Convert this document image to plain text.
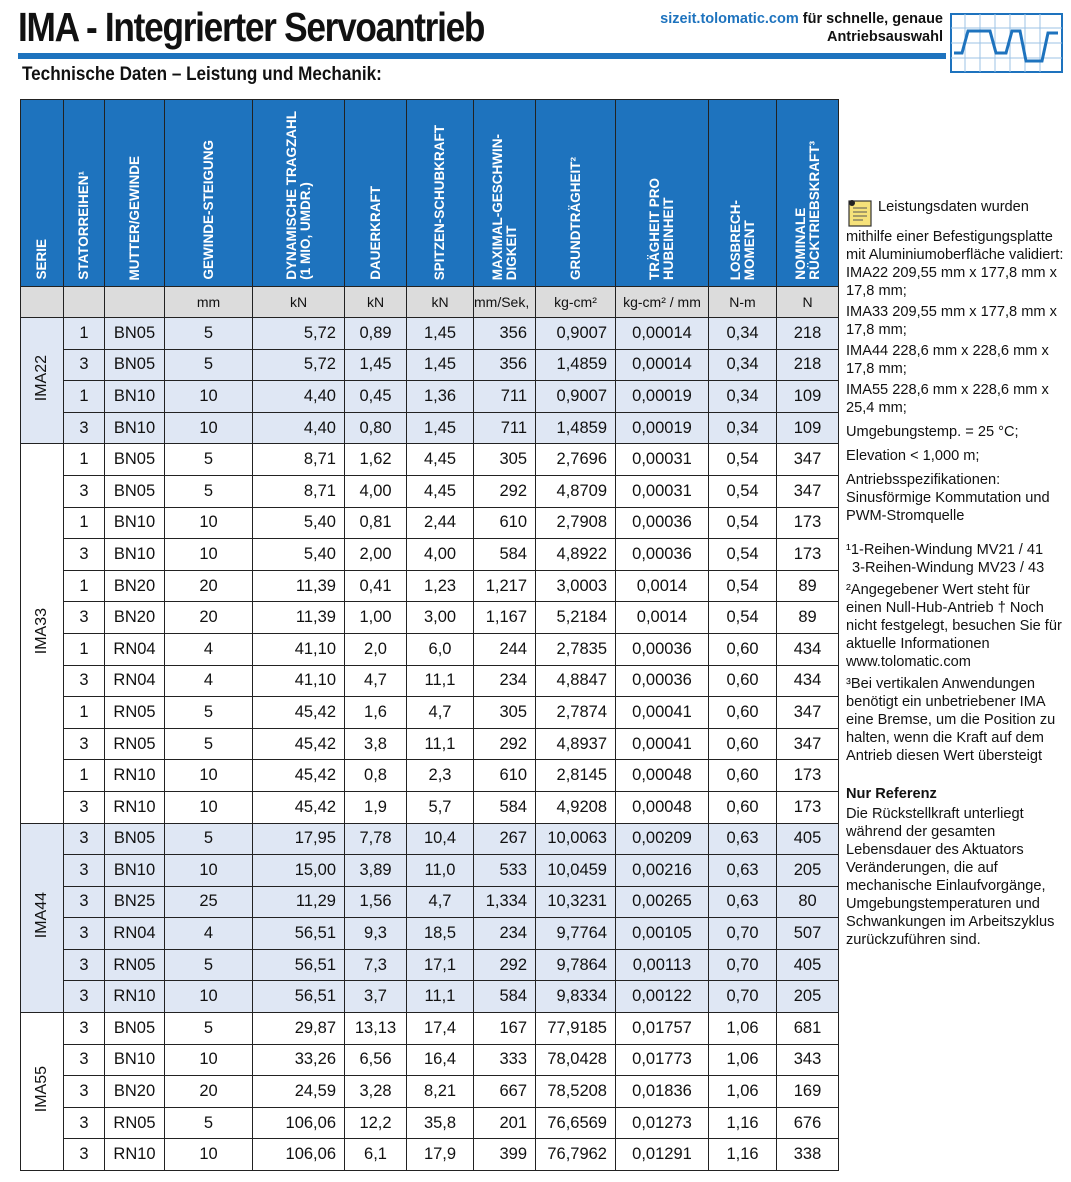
IMA - Integrierter Servoantrieb	sizeit.tolomatic.com für schnelle, genaue
Antriebsauswahl
Technische Daten – Leistung und Mechanik:
SERIE	STATORREIHEN¹	MUTTER/GEWINDE	GEWINDE-STEIGUNG	DYNAMISCHE TRAGZAHL
(1 MIO, UMDR.)	DAUERKRAFT	SPITZEN-SCHUBKRAFT	MAXIMAL-GESCHWIN-
DIGKEIT	GRUNDTRÄGHEIT²	TRÄGHEIT PRO
HUBEINHEIT	LOSBRECH-
MOMENT	NOMINALE
RÜCKTRIEBSKRAFT³

			mm	kN	kN	kN	mm/Sek,	kg-cm²	kg-cm² / mm	N-m	N
IMA22	1	BN05	5	5,72	0,89	1,45	356	0,9007	0,00014	0,34	218
	3	BN05	5	5,72	1,45	1,45	356	1,4859	0,00014	0,34	218
	1	BN10	10	4,40	0,45	1,36	711	0,9007	0,00019	0,34	109
	3	BN10	10	4,40	0,80	1,45	711	1,4859	0,00019	0,34	109
IMA33	1	BN05	5	8,71	1,62	4,45	305	2,7696	0,00031	0,54	347
	3	BN05	5	8,71	4,00	4,45	292	4,8709	0,00031	0,54	347
	1	BN10	10	5,40	0,81	2,44	610	2,7908	0,00036	0,54	173
	3	BN10	10	5,40	2,00	4,00	584	4,8922	0,00036	0,54	173
	1	BN20	20	11,39	0,41	1,23	1,217	3,0003	0,0014	0,54	89
	3	BN20	20	11,39	1,00	3,00	1,167	5,2184	0,0014	0,54	89
	1	RN04	4	41,10	2,0	6,0	244	2,7835	0,00036	0,60	434
	3	RN04	4	41,10	4,7	11,1	234	4,8847	0,00036	0,60	434
	1	RN05	5	45,42	1,6	4,7	305	2,7874	0,00041	0,60	347
	3	RN05	5	45,42	3,8	11,1	292	4,8937	0,00041	0,60	347
	1	RN10	10	45,42	0,8	2,3	610	2,8145	0,00048	0,60	173
	3	RN10	10	45,42	1,9	5,7	584	4,9208	0,00048	0,60	173
IMA44	3	BN05	5	17,95	7,78	10,4	267	10,0063	0,00209	0,63	405
	3	BN10	10	15,00	3,89	11,0	533	10,0459	0,00216	0,63	205
	3	BN25	25	11,29	1,56	4,7	1,334	10,3231	0,00265	0,63	80
	3	RN04	4	56,51	9,3	18,5	234	9,7764	0,00105	0,70	507
	3	RN05	5	56,51	7,3	17,1	292	9,7864	0,00113	0,70	405
	3	RN10	10	56,51	3,7	11,1	584	9,8334	0,00122	0,70	205
IMA55	3	BN05	5	29,87	13,13	17,4	167	77,9185	0,01757	1,06	681
	3	BN10	10	33,26	6,56	16,4	333	78,0428	0,01773	1,06	343
	3	BN20	20	24,59	3,28	8,21	667	78,5208	0,01836	1,06	169
	3	RN05	5	106,06	12,2	35,8	201	76,6569	0,01273	1,16	676
	3	RN10	10	106,06	6,1	17,9	399	76,7962	0,01291	1,16	338

Leistungsdaten wurden mithilfe einer Befestigungsplatte mit Aluminiumoberfläche validiert:

IMA22 209,55 mm x 177,8 mm x 17,8 mm;

IMA33 209,55 mm x 177,8 mm x 17,8 mm;

IMA44 228,6 mm x 228,6 mm x 17,8 mm;

IMA55 228,6 mm x 228,6 mm x 25,4 mm;

Umgebungstemp. = 25 °C;

Elevation < 1,000 m;

Antriebsspezifikationen: Sinusförmige Kommutation und PWM-Stromquelle

¹1-Reihen-Windung MV21 / 41

3-Reihen-Windung MV23 / 43

²Angegebener Wert steht für einen Null-Hub-Antrieb † Noch nicht festgelegt, besuchen Sie für aktuelle Informationen www.tolomatic.com

³Bei vertikalen Anwendungen benötigt ein unbetriebener IMA eine Bremse, um die Position zu halten, wenn die Kraft auf dem Antrieb diesen Wert übersteigt

Nur Referenz

Die Rückstellkraft unterliegt während der gesamten Lebensdauer des Aktuators Veränderungen, die auf mechanische Einlaufvorgänge, Umgebungstemperaturen und Schwankungen im Arbeitszyklus zurückzuführen sind.
